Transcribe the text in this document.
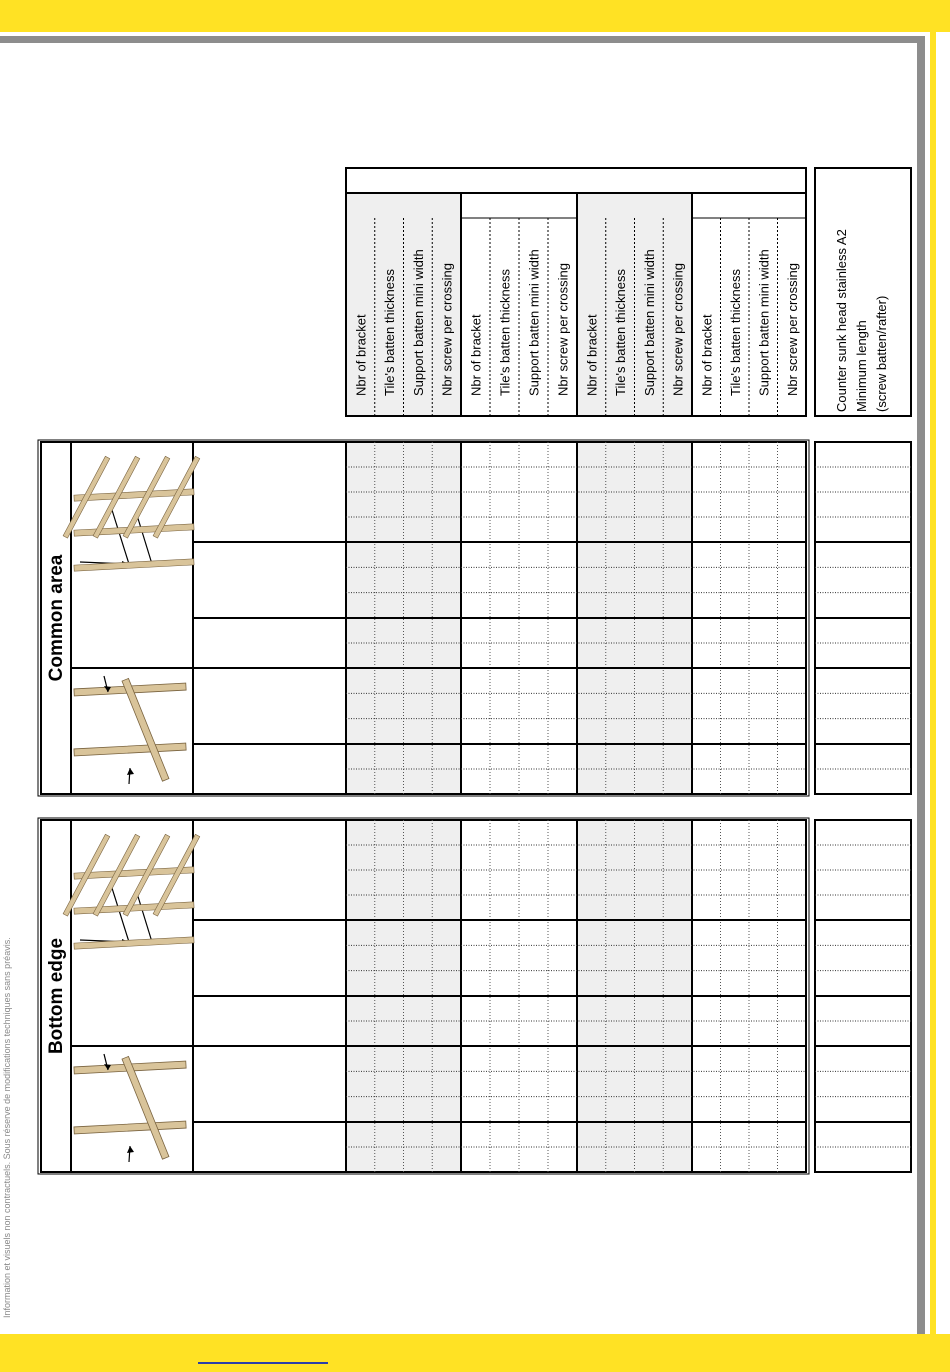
Information et visuels non contractuels. Sous réserve de modifications techniques sans préavis.
Nbr of bracket Tile's batten thickness Support batten mini width Nbr screw per crossing Nbr of bracket Tile's batten thickness Support batten mini width Nbr screw per crossing Nbr of bracket Tile's batten thickness Support batten mini width Nbr screw per crossing Nbr of bracket Tile's batten thickness Support batten mini width Nbr screw per crossing	Counter sunk head stainless A2 Minimum length (screw batten/rafter)
Common area
Bottom edge
